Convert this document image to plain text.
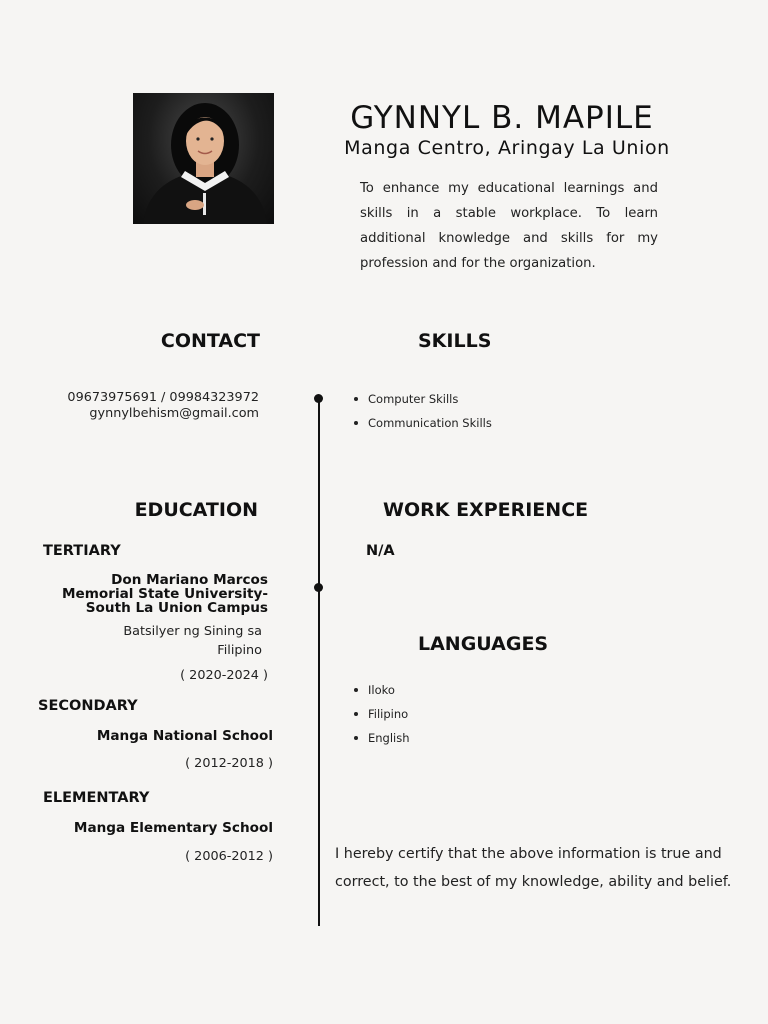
GYNNYL B. MAPILE
Manga Centro, Aringay La Union
To enhance my educational learnings and skills in a stable workplace. To learn additional knowledge and skills for my profession and for the organization.
CONTACT	SKILLS
09673975691 / 09984323972
gynnylbehism@gmail.com
Computer Skills
Communication Skills
EDUCATION	WORK EXPERIENCE
TERTIARY	N/A
Don Mariano Marcos
Memorial State University-
South La Union Campus
Batsilyer ng Sining sa
Filipino
( 2020-2024 )
LANGUAGES
Iloko
Filipino
English
SECONDARY
Manga National School
( 2012-2018 )
ELEMENTARY
Manga Elementary School
( 2006-2012 )	I hereby certify that the above information is true and correct, to the best of my knowledge, ability and belief.
